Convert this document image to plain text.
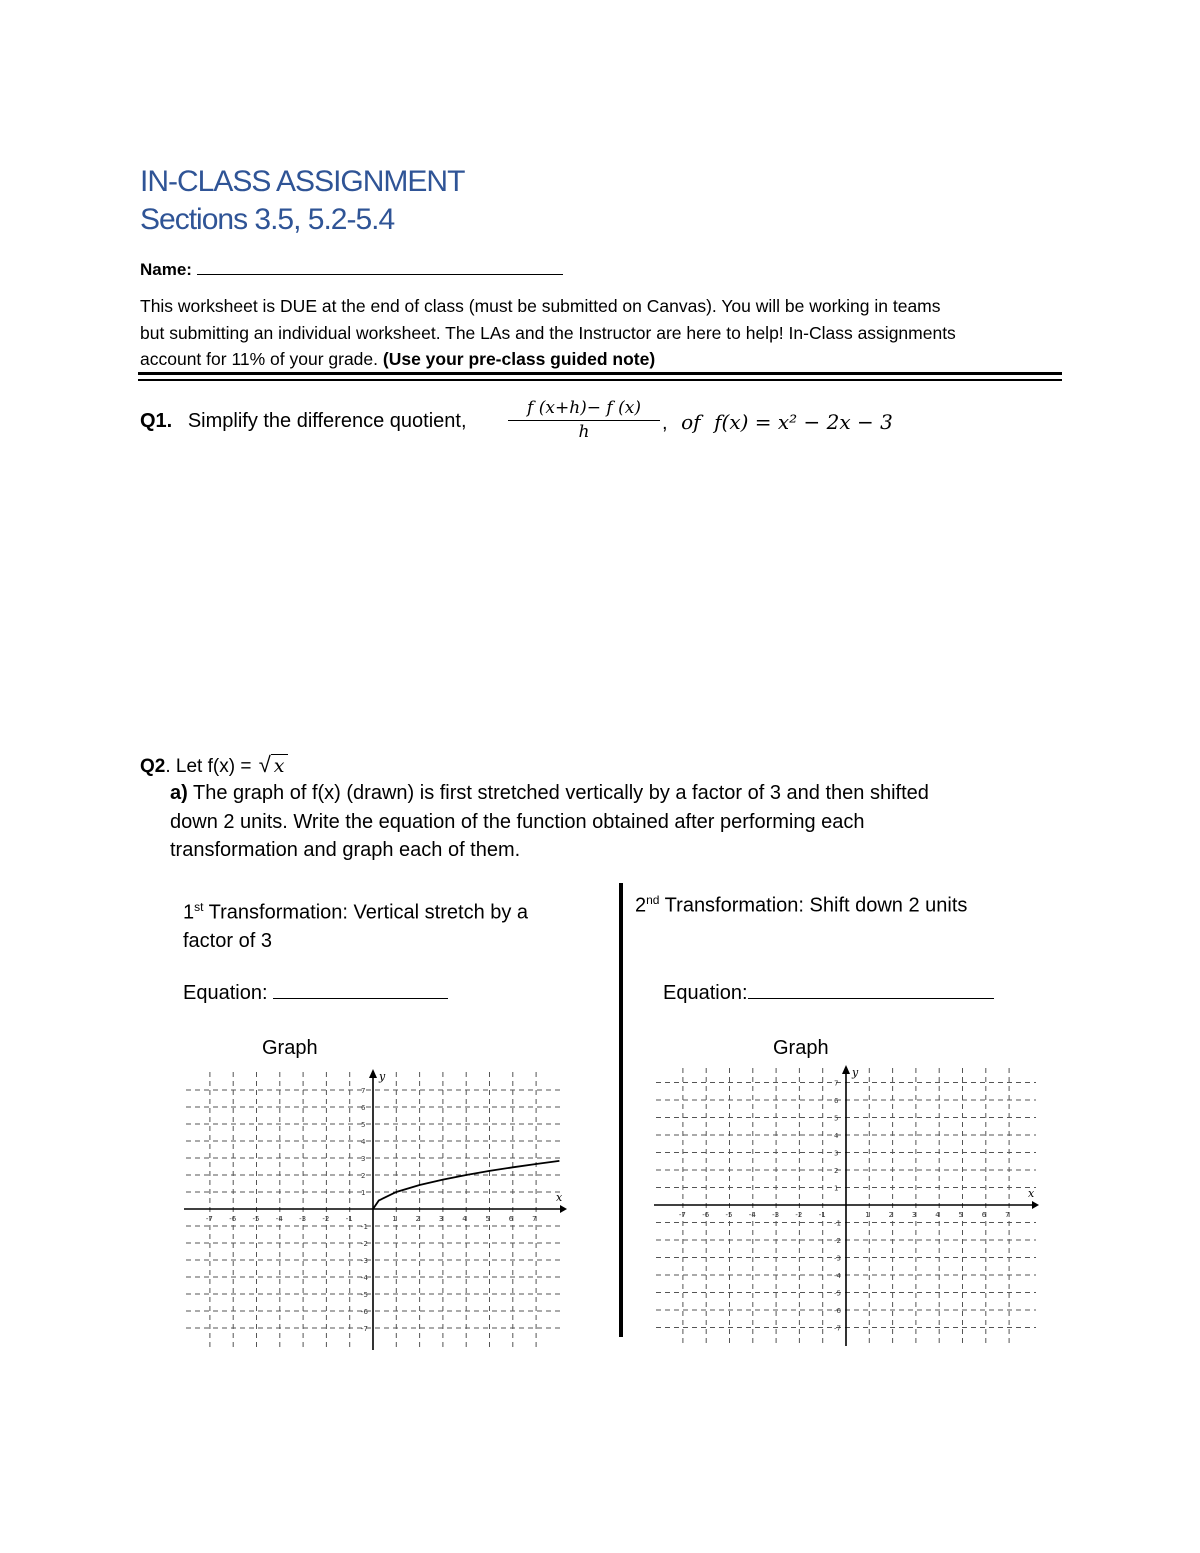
IN-CLASS ASSIGNMENT
Sections 3.5, 5.2-5.4
Name:
This worksheet is DUE at the end of class (must be submitted on Canvas). You will be working in teams
but submitting an individual worksheet. The LAs and the Instructor are here to help! In-Class assignments
account for 11% of your grade. (Use your pre-class guided note)
Q1. Simplify the difference quotient,
f (x+h)− f (x)
h	, of f(x) = x² − 2x − 3
Q2. Let f(x) = √ x
a) The graph of f(x) (drawn) is first stretched vertically by a factor of 3 and then shifted
down 2 units. Write the equation of the function obtained after performing each
transformation and graph each of them.
1st Transformation: Vertical stretch by a
factor of 3
Equation:
Graph
2nd Transformation: Shift down 2 units
Equation:
Graph
x
y
-7 -6 -5 -4 -3 -2 -1	1	2	3	4	5	6	7
7
6
5
4
3
2
1
-1
-2
-3
-4
-5
-6
-7
x
y
-7 -6 -5 -4 -3 -2 -1	1	2	3	4	5	6	7
7
6
5
4
3
2
1
-1
-2
-3
-4
-5
-6
-7
